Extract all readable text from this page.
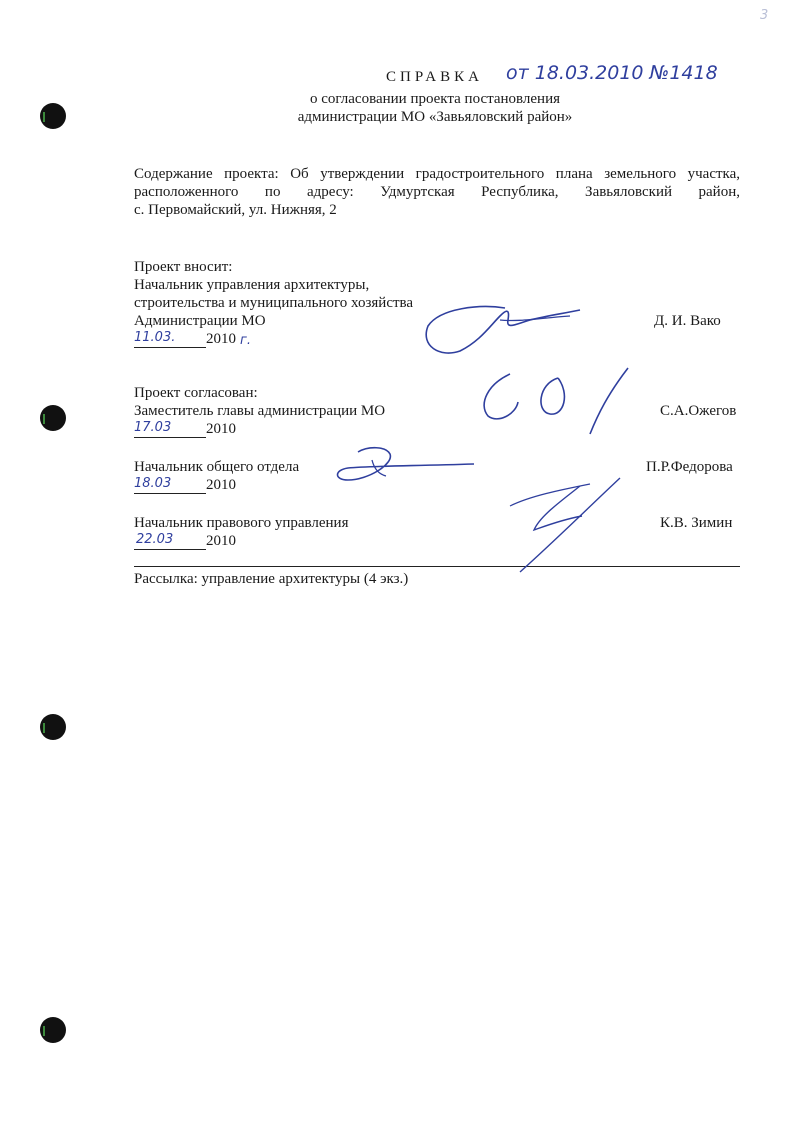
3
СПРАВКА от 18.03.2010 №1418
о согласовании проекта постановления
администрации МО «Завьяловский район»
Содержание проекта: Об утверждении градостроительного плана земельного участка,
расположенного по адресу: Удмуртская Республика, Завьяловский район,
с. Первомайский, ул. Нижняя, 2
Проект вносит:
Начальник управления архитектуры,
строительства и муниципального хозяйства
Администрации МО	Д. И. Вако
11.03. 2010 г.
Проект согласован:
Заместитель главы администрации МО	С.А.Ожегов
17.03 2010
Начальник общего отдела	П.Р.Федорова
18.03 2010
Начальник правового управления	К.В. Зимин
22.03 2010
Рассылка: управление архитектуры (4 экз.)
